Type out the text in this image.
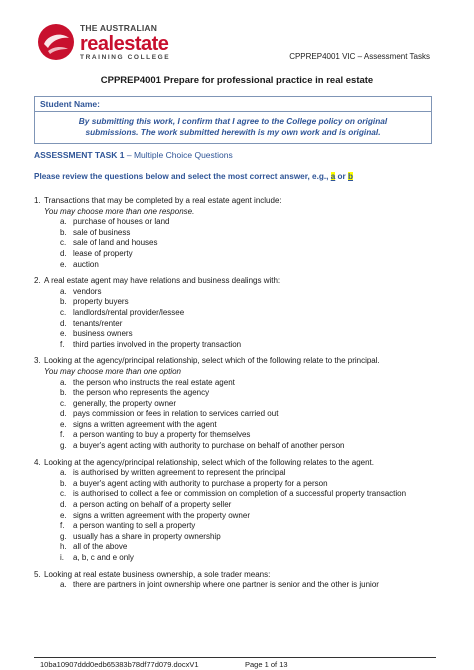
THE AUSTRALIAN
realestate
TRAINING COLLEGE	CPPREP4001 VIC – Assessment Tasks
CPPREP4001 Prepare for professional practice in real estate
Student Name:
By submitting this work, I confirm that I agree to the College policy on original
submissions. The work submitted herewith is my own work and is original.
ASSESSMENT TASK 1 – Multiple Choice Questions
Please review the questions below and select the most correct answer, e.g., a or b
1. Transactions that may be completed by a real estate agent include:
You may choose more than one response.
a. purchase of houses or land
b. sale of business
c. sale of land and houses
d. lease of property
e. auction
2. A real estate agent may have relations and business dealings with:
a. vendors
b. property buyers
c. landlords/rental provider/lessee
d. tenants/renter
e. business owners
f. third parties involved in the property transaction
3. Looking at the agency/principal relationship, select which of the following relate to the principal.
You may choose more than one option
a. the person who instructs the real estate agent
b. the person who represents the agency
c. generally, the property owner
d. pays commission or fees in relation to services carried out
e. signs a written agreement with the agent
f. a person wanting to buy a property for themselves
g. a buyer's agent acting with authority to purchase on behalf of another person
4. Looking at the agency/principal relationship, select which of the following relates to the agent.
a. is authorised by written agreement to represent the principal
b. a buyer's agent acting with authority to purchase a property for a person
c. is authorised to collect a fee or commission on completion of a successful property transaction
d. a person acting on behalf of a property seller
e. signs a written agreement with the property owner
f. a person wanting to sell a property
g. usually has a share in property ownership
h. all of the above
i. a, b, c and e only
5. Looking at real estate business ownership, a sole trader means:
a. there are partners in joint ownership where one partner is senior and the other is junior
10ba10907ddd0edb65383b78df77d079.docxV1	Page 1 of 13
